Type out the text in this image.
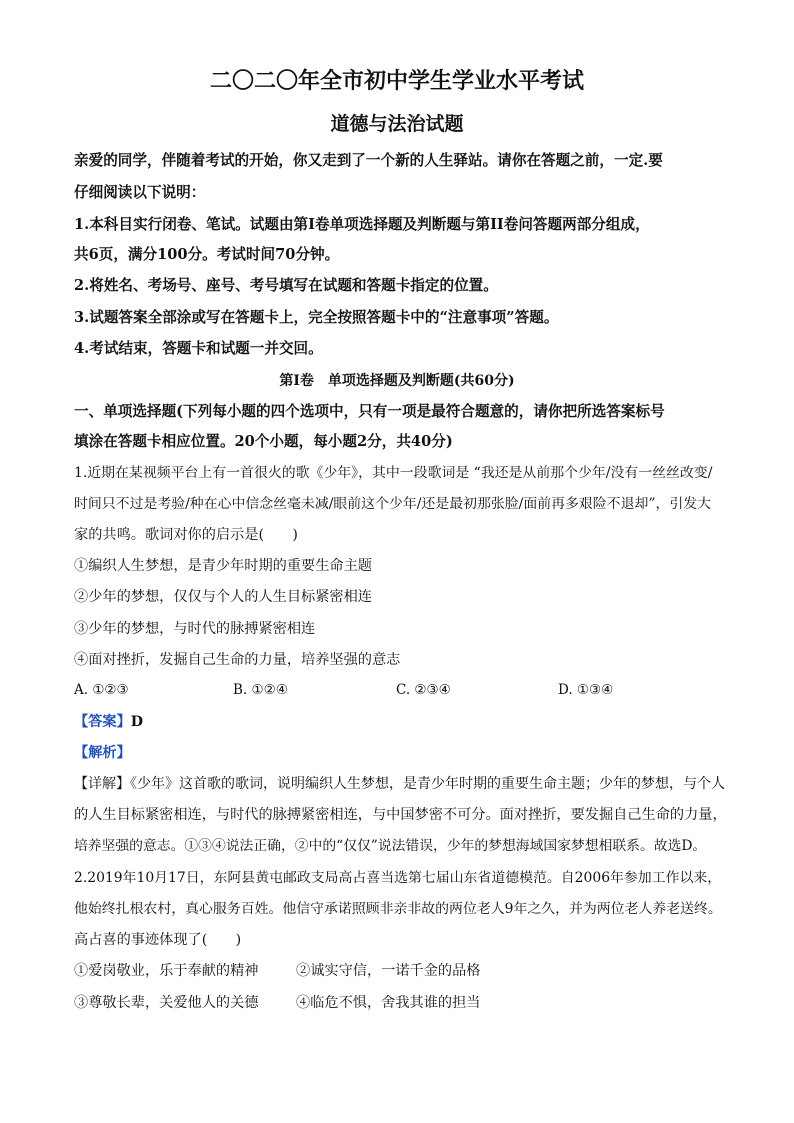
二〇二〇年全市初中学生学业水平考试
道德与法治试题
亲爱的同学，伴随着考试的开始，你又走到了一个新的人生驿站。请你在答题之前，一定.要
仔细阅读以下说明：
1.本科目实行闭卷、笔试。试题由第Ⅰ卷单项选择题及判断题与第II卷问答题两部分组成，
共6页，满分100分。考试时间70分钟。
2.将姓名、考场号、座号、考号填写在试题和答题卡指定的位置。
3.试题答案全部涂或写在答题卡上，完全按照答题卡中的“注意事项”答题。
4.考试结束，答题卡和试题一并交回。
第Ⅰ卷　单项选择题及判断题(共60分)
一、单项选择题(下列每小题的四个选项中，只有一项是最符合题意的，请你把所选答案标号
填涂在答题卡相应位置。20个小题，每小题2分，共40分)
1.近期在某视频平台上有一首很火的歌《少年》，其中一段歌词是 “我还是从前那个少年/没有一丝丝改变/
时间只不过是考验/种在心中信念丝毫未减/眼前这个少年/还是最初那张脸/面前再多艰险不退却”，引发大
家的共鸣。歌词对你的启示是(　　)
①编织人生梦想，是青少年时期的重要生命主题
②少年的梦想，仅仅与个人的人生目标紧密相连
③少年的梦想，与时代的脉搏紧密相连
④面对挫折，发掘自己生命的力量，培养坚强的意志
A. ①②③	B. ①②④	C. ②③④	D. ①③④
【答案】D
【解析】
【详解】《少年》这首歌的歌词，说明编织人生梦想，是青少年时期的重要生命主题；少年的梦想，与个人
的人生目标紧密相连，与时代的脉搏紧密相连，与中国梦密不可分。面对挫折，要发掘自己生命的力量，
培养坚强的意志。①③④说法正确，②中的“仅仅”说法错误，少年的梦想海域国家梦想相联系。故选D。
2.2019年10月17日，东阿县黄屯邮政支局高占喜当选第七届山东省道德模范。自2006年参加工作以来，
他始终扎根农村，真心服务百姓。他信守承诺照顾非亲非故的两位老人9年之久，并为两位老人养老送终。
高占喜的事迹体现了(　　)
①爱岗敬业，乐于奉献的精神	②诚实守信，一诺千金的品格
③尊敬长辈，关爱他人的关德	④临危不惧，舍我其谁的担当
